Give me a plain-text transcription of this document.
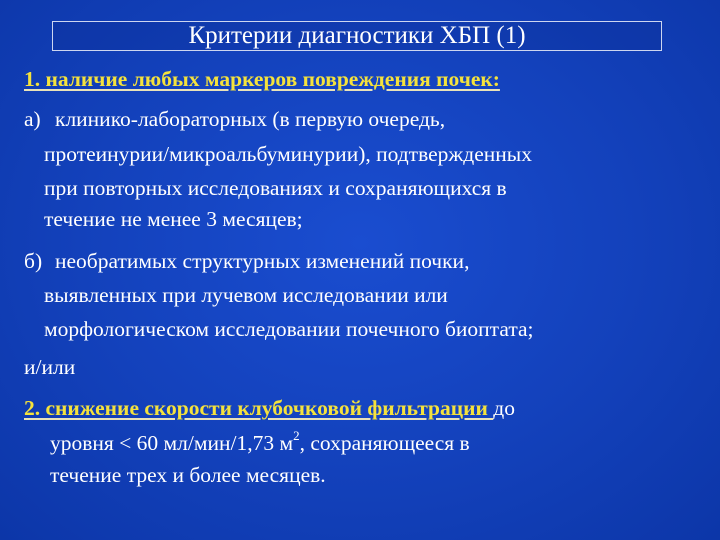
Критерии диагностики ХБП (1)
1. наличие любых маркеров повреждения почек:
а) клинико-лабораторных (в первую очередь,
протеинурии/микроальбуминурии), подтвержденных
при повторных исследованиях и сохраняющихся в
течение не менее 3 месяцев;
б) необратимых структурных изменений почки,
выявленных при лучевом исследовании или
морфологическом исследовании почечного биоптата;
и/или
2. снижение скорости клубочковой фильтрации до
уровня < 60 мл/мин/1,73 $м^2$, сохраняющееся в
течение трех и более месяцев.
